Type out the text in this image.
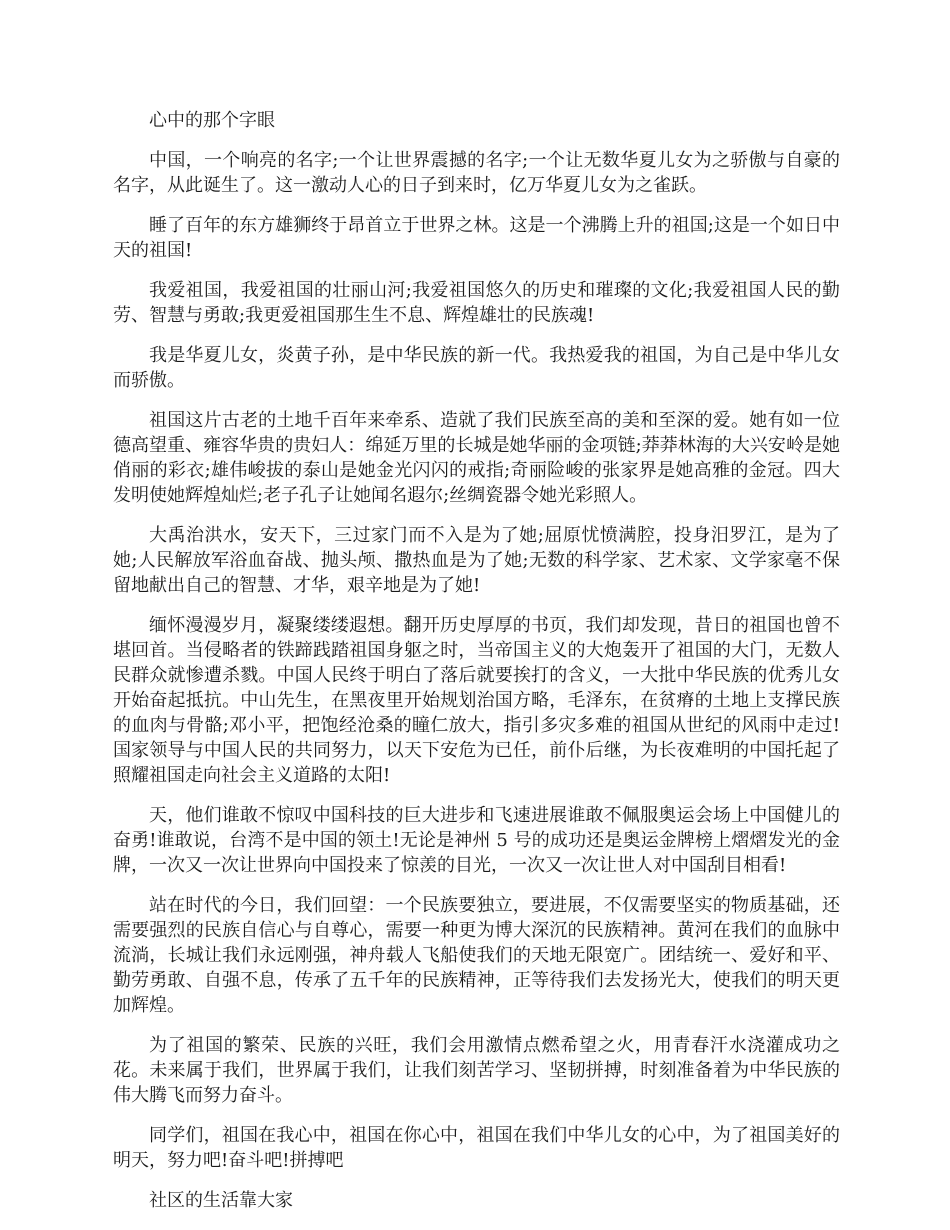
心中的那个字眼

中国，一个响亮的名字;一个让世界震撼的名字;一个让无数华夏儿女为之骄傲与自豪的名字，从此诞生了。这一激动人心的日子到来时，亿万华夏儿女为之雀跃。

睡了百年的东方雄狮终于昂首立于世界之林。这是一个沸腾上升的祖国;这是一个如日中天的祖国!

我爱祖国，我爱祖国的壮丽山河;我爱祖国悠久的历史和璀璨的文化;我爱祖国人民的勤劳、智慧与勇敢;我更爱祖国那生生不息、辉煌雄壮的民族魂!

我是华夏儿女，炎黄子孙，是中华民族的新一代。我热爱我的祖国，为自己是中华儿女而骄傲。

祖国这片古老的土地千百年来牵系、造就了我们民族至高的美和至深的爱。她有如一位德高望重、雍容华贵的贵妇人：绵延万里的长城是她华丽的金项链;莽莽林海的大兴安岭是她俏丽的彩衣;雄伟峻拔的泰山是她金光闪闪的戒指;奇丽险峻的张家界是她高雅的金冠。四大发明使她辉煌灿烂;老子孔子让她闻名遐尔;丝绸瓷器令她光彩照人。

大禹治洪水，安天下，三过家门而不入是为了她;屈原忧愤满腔，投身汨罗江，是为了她;人民解放军浴血奋战、抛头颅、撒热血是为了她;无数的科学家、艺术家、文学家毫不保留地献出自己的智慧、才华，艰辛地是为了她!

缅怀漫漫岁月，凝聚缕缕遐想。翻开历史厚厚的书页，我们却发现，昔日的祖国也曾不堪回首。当侵略者的铁蹄践踏祖国身躯之时，当帝国主义的大炮轰开了祖国的大门，无数人民群众就惨遭杀戮。中国人民终于明白了落后就要挨打的含义，一大批中华民族的优秀儿女开始奋起抵抗。中山先生，在黑夜里开始规划治国方略，毛泽东，在贫瘠的土地上支撑民族的血肉与骨骼;邓小平，把饱经沧桑的瞳仁放大，指引多灾多难的祖国从世纪的风雨中走过!国家领导与中国人民的共同努力，以天下安危为已任，前仆后继，为长夜难明的中国托起了照耀祖国走向社会主义道路的太阳!

天，他们谁敢不惊叹中国科技的巨大进步和飞速进展谁敢不佩服奥运会场上中国健儿的奋勇!谁敢说，台湾不是中国的领土!无论是神州 5 号的成功还是奥运金牌榜上熠熠发光的金牌，一次又一次让世界向中国投来了惊羡的目光，一次又一次让世人对中国刮目相看!

站在时代的今日，我们回望：一个民族要独立，要进展，不仅需要坚实的物质基础，还需要强烈的民族自信心与自尊心，需要一种更为博大深沉的民族精神。黄河在我们的血脉中流淌，长城让我们永远刚强，神舟载人飞船使我们的天地无限宽广。团结统一、爱好和平、勤劳勇敢、自强不息，传承了五千年的民族精神，正等待我们去发扬光大，使我们的明天更加辉煌。

为了祖国的繁荣、民族的兴旺，我们会用激情点燃希望之火，用青春汗水浇灌成功之花。未来属于我们，世界属于我们，让我们刻苦学习、坚韧拼搏，时刻准备着为中华民族的伟大腾飞而努力奋斗。

同学们，祖国在我心中，祖国在你心中，祖国在我们中华儿女的心中，为了祖国美好的明天，努力吧!奋斗吧!拼搏吧

社区的生活靠大家
